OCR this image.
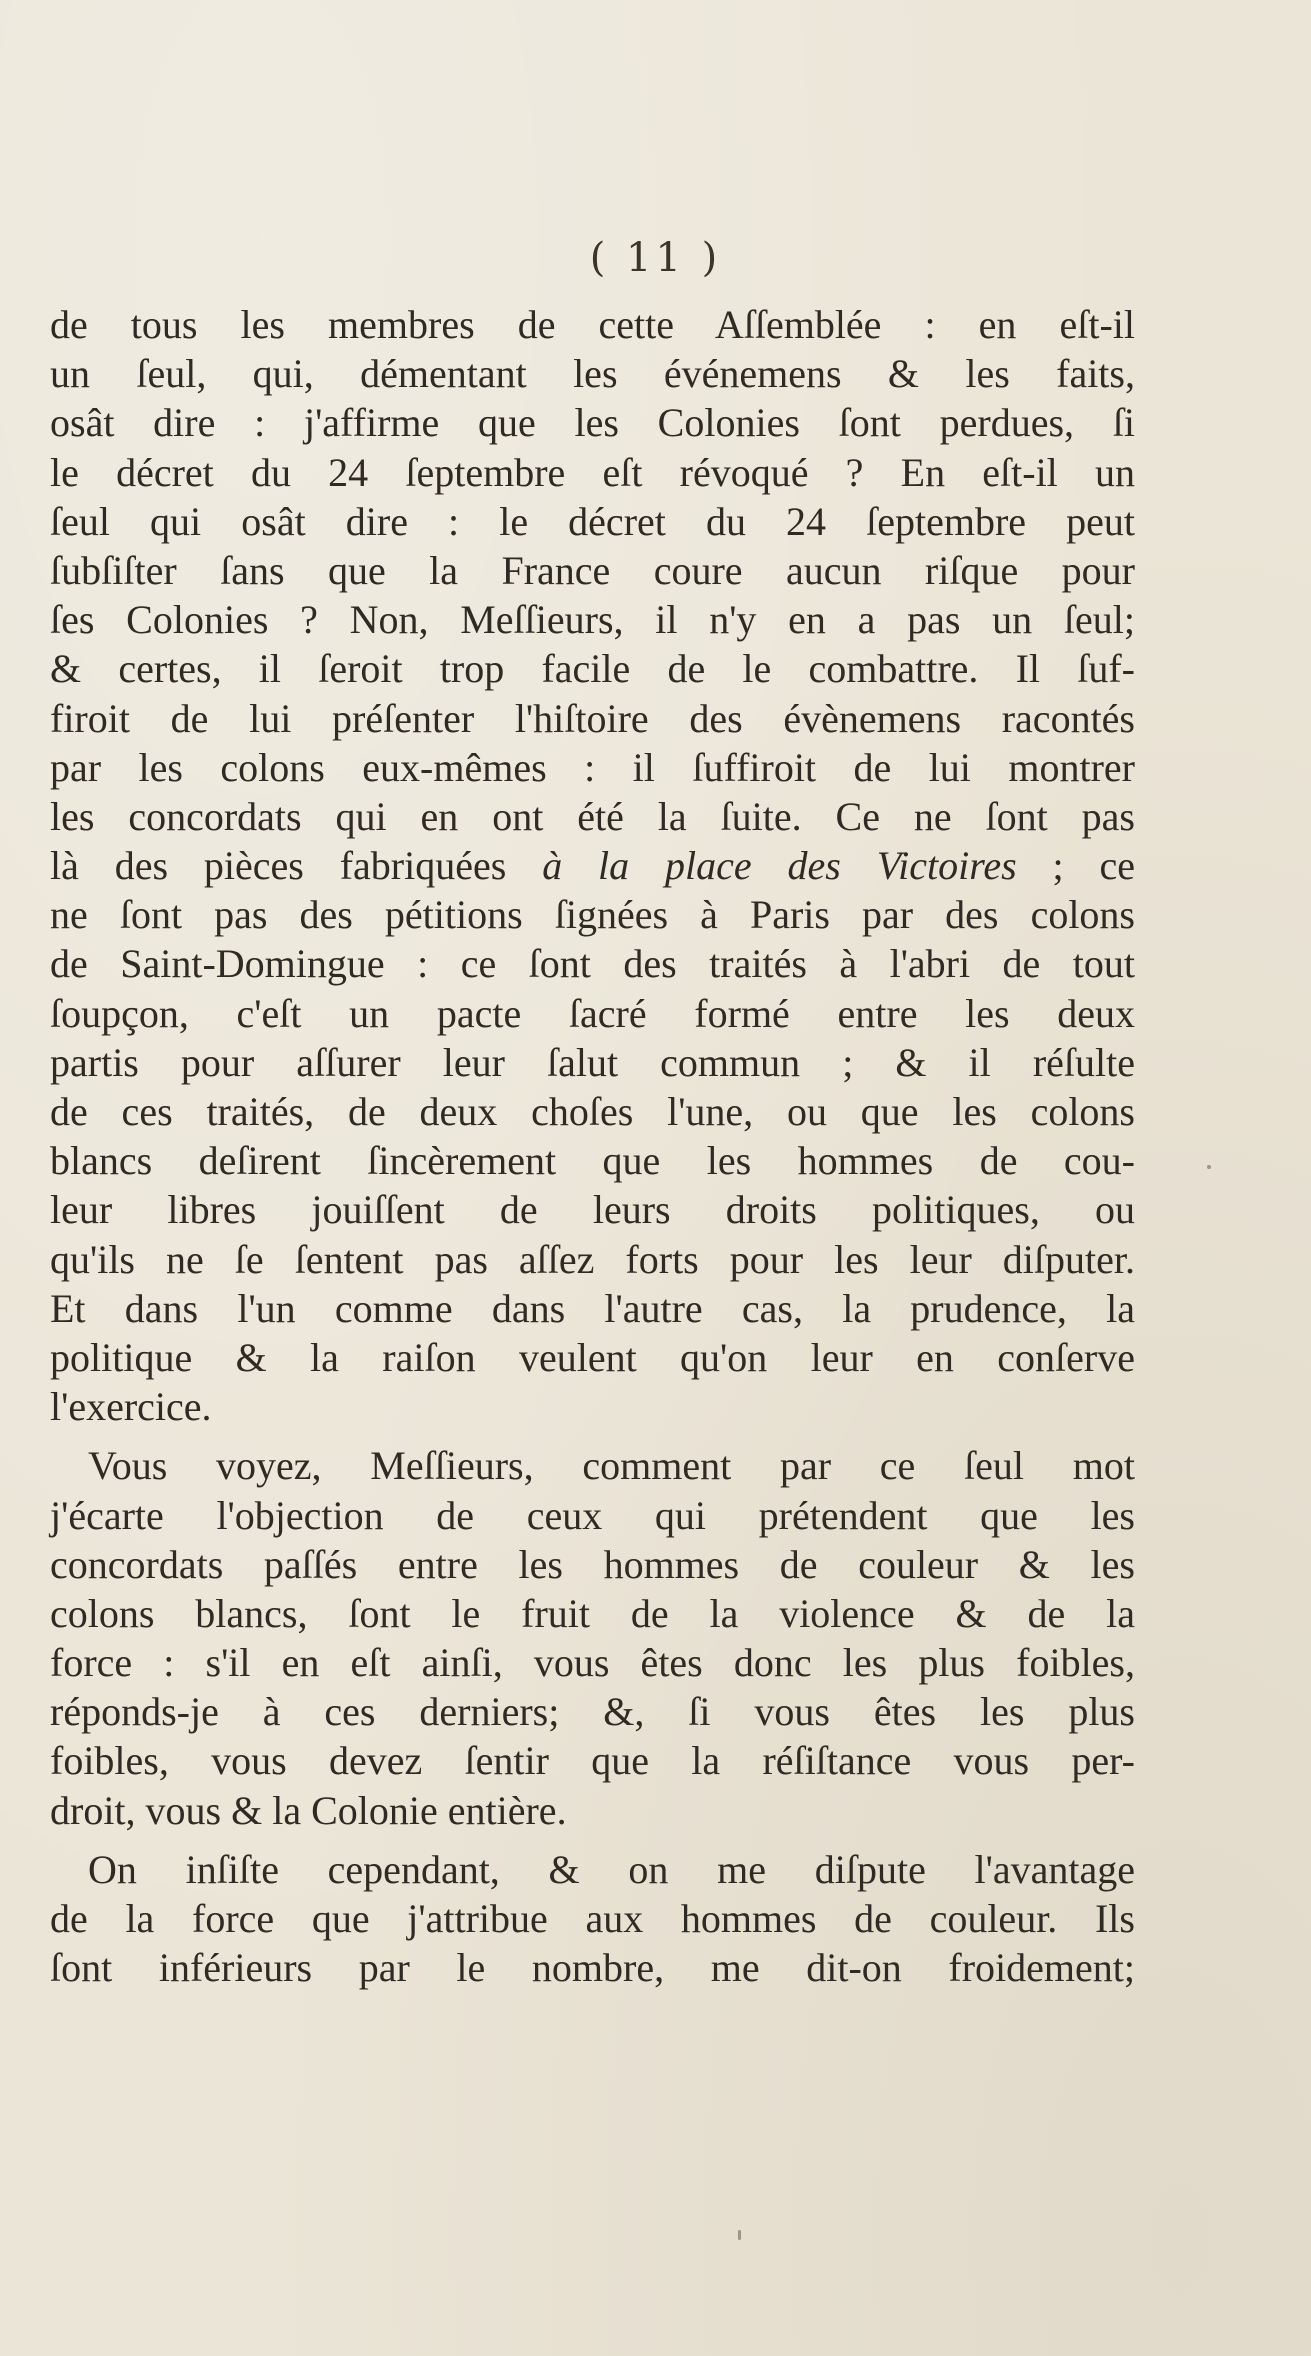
( 11 )
de tous les membres de cette Aſſemblée : en eſt-il
un ſeul, qui, démentant les événemens & les faits,
osât dire : j'affirme que les Colonies ſont perdues, ſi
le décret du 24 ſeptembre eſt révoqué ? En eſt-il un
ſeul qui osât dire : le décret du 24 ſeptembre peut
ſubſiſter ſans que la France coure aucun riſque pour
ſes Colonies ? Non, Meſſieurs, il n'y en a pas un ſeul;
& certes, il ſeroit trop facile de le combattre. Il ſuf-
firoit de lui préſenter l'hiſtoire des évènemens racontés
par les colons eux-mêmes : il ſuffiroit de lui montrer
les concordats qui en ont été la ſuite. Ce ne ſont pas
là des pièces fabriquées à la place des Victoires ; ce
ne ſont pas des pétitions ſignées à Paris par des colons
de Saint-Domingue : ce ſont des traités à l'abri de tout
ſoupçon, c'eſt un pacte ſacré formé entre les deux
partis pour aſſurer leur ſalut commun ; & il réſulte
de ces traités, de deux choſes l'une, ou que les colons
blancs deſirent ſincèrement que les hommes de cou-
leur libres jouiſſent de leurs droits politiques, ou
qu'ils ne ſe ſentent pas aſſez forts pour les leur diſputer.
Et dans l'un comme dans l'autre cas, la prudence, la
politique & la raiſon veulent qu'on leur en conſerve
l'exercice.
Vous voyez, Meſſieurs, comment par ce ſeul mot
j'écarte l'objection de ceux qui prétendent que les
concordats paſſés entre les hommes de couleur & les
colons blancs, ſont le fruit de la violence & de la
force : s'il en eſt ainſi, vous êtes donc les plus foibles,
réponds-je à ces derniers; &, ſi vous êtes les plus
foibles, vous devez ſentir que la réſiſtance vous per-
droit, vous & la Colonie entière.
On inſiſte cependant, & on me diſpute l'avantage
de la force que j'attribue aux hommes de couleur. Ils
ſont inférieurs par le nombre, me dit-on froidement;
